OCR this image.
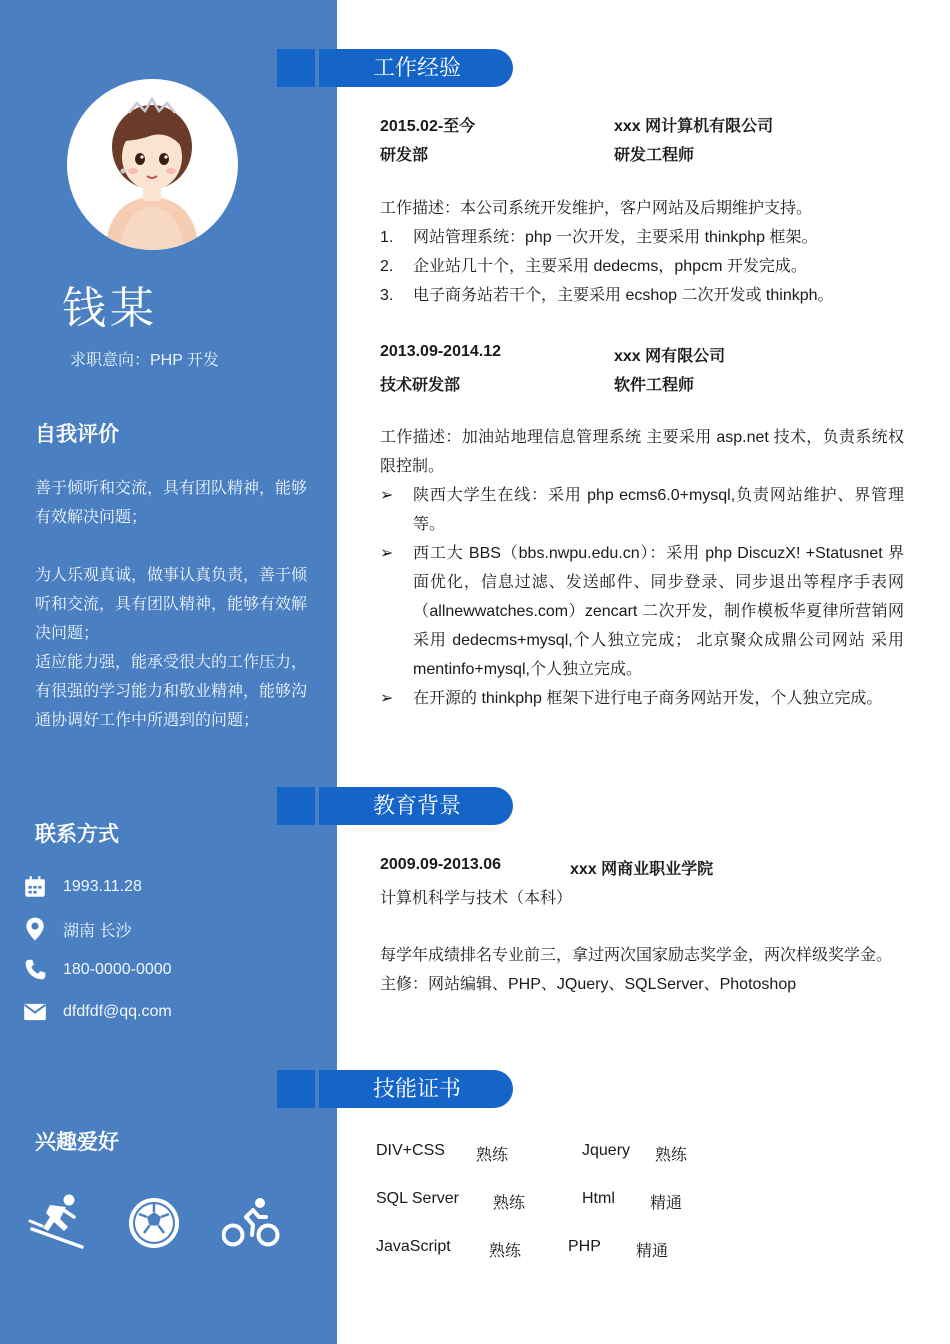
钱某
求职意向：PHP 开发
自我评价
善于倾听和交流，具有团队精神，能够有效解决问题；
为人乐观真诚，做事认真负责，善于倾听和交流，具有团队精神，能够有效解决问题；
适应能力强，能承受很大的工作压力，有很强的学习能力和敬业精神，能够沟通协调好工作中所遇到的问题；
联系方式
1993.11.28
湖南 长沙
180-0000-0000
dfdfdf@qq.com
兴趣爱好
工作经验
2015.02-至今	xxx 网计算机有限公司
研发部	研发工程师
工作描述：本公司系统开发维护，客户网站及后期维护支持。
1. 网站管理系统：php 一次开发，主要采用 thinkphp 框架。
2. 企业站几十个，主要采用 dedecms，phpcm 开发完成。
3. 电子商务站若干个，主要采用 ecshop 二次开发或 thinkph。
2013.09-2014.12	xxx 网有限公司
技术研发部	软件工程师
工作描述：加油站地理信息管理系统 主要采用 asp.net 技术，负责系统权限控制。
➢ 陕西大学生在线：采用 php ecms6.0+mysql,负责网站维护、界管理等。
➢ 西工大 BBS（bbs.nwpu.edu.cn）：采用 php DiscuzX! +Statusnet 界面优化，信息过滤、发送邮件、同步登录、同步退出等程序手表网（allnewwatches.com）zencart 二次开发，制作模板华夏律所营销网 采用 dedecms+mysql,个人独立完成； 北京聚众成鼎公司网站 采用 mentinfo+mysql,个人独立完成。
➢ 在开源的 thinkphp 框架下进行电子商务网站开发，个人独立完成。
教育背景
2009.09-2013.06	xxx 网商业职业学院
计算机科学与技术（本科）
每学年成绩排名专业前三，拿过两次国家励志奖学金，两次样级奖学金。
主修：网站编辑、PHP、JQuery、SQLServer、Photoshop
技能证书
DIV+CSS 熟练	Jquery 熟练
SQL Server 熟练	Html 精通
JavaScript 熟练	PHP 精通
